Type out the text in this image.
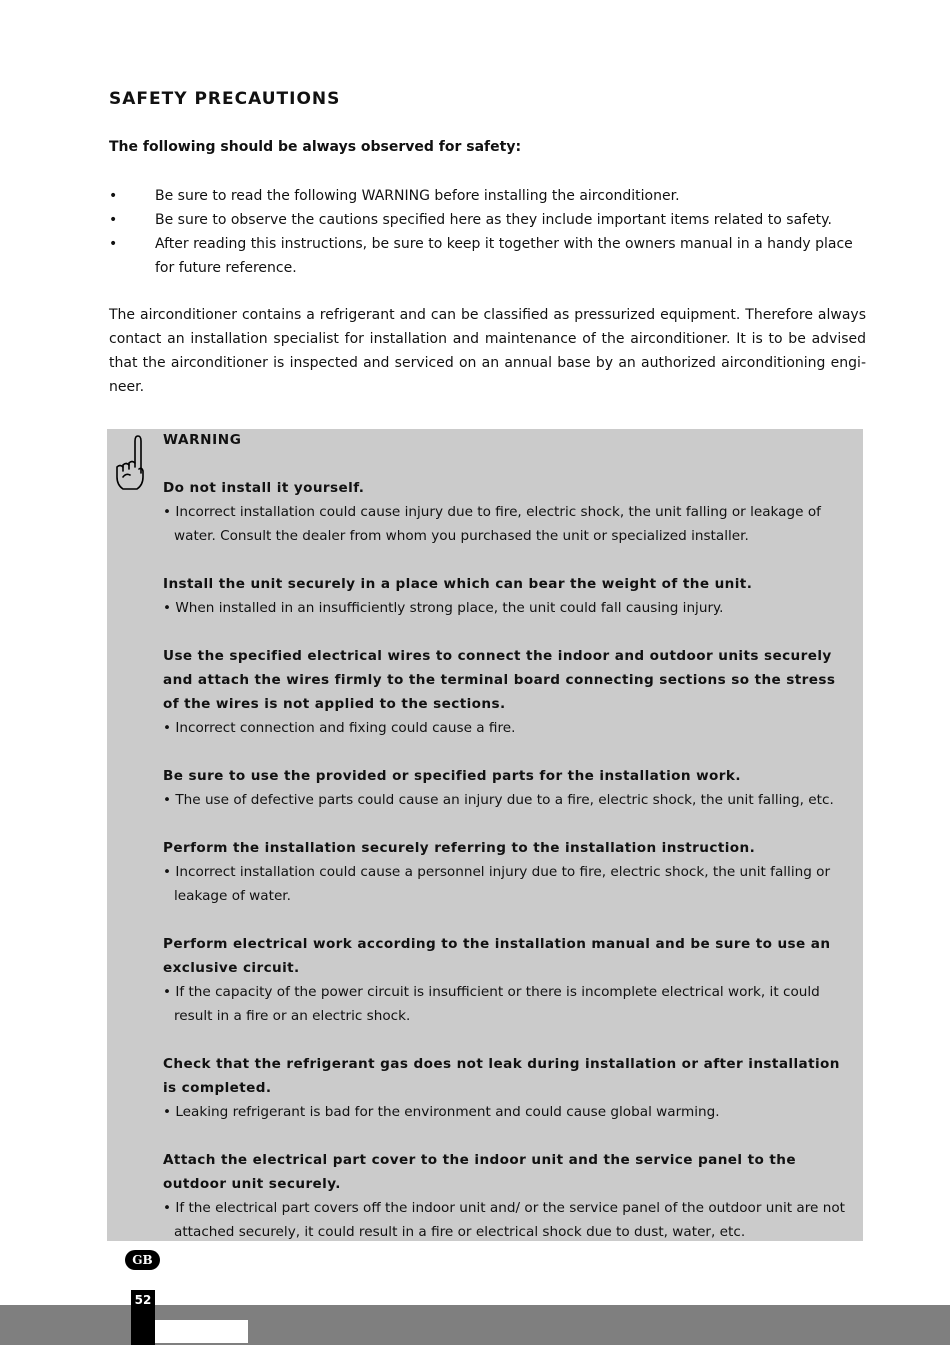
SAFETY PRECAUTIONS
The following should be always observed for safety:
•	Be sure to read the following WARNING before installing the airconditioner.
•	Be sure to observe the cautions specified here as they include important items related to safety.
•	After reading this instructions, be sure to keep it together with the owners manual in a handy place for future reference.
The airconditioner contains a refrigerant and can be classified as pressurized equipment. Therefore always contact an installation specialist for installation and maintenance of the airconditioner. It is to be advised that the airconditioner is inspected and serviced on an annual base by an authorized airconditioning engi-neer.
WARNING
Do not install it yourself.
• Incorrect installation could cause injury due to fire, electric shock, the unit falling or leakage of water. Consult the dealer from whom you purchased the unit or specialized installer.
Install the unit securely in a place which can bear the weight of the unit.
• When installed in an insufficiently strong place, the unit could fall causing injury.
Use the specified electrical wires to connect the indoor and outdoor units securely and attach the wires firmly to the terminal board connecting sections so the stress of the wires is not applied to the sections.
• Incorrect connection and fixing could cause a fire.
Be sure to use the provided or specified parts for the installation work.
• The use of defective parts could cause an injury due to a fire, electric shock, the unit falling, etc.
Perform the installation securely referring to the installation instruction.
• Incorrect installation could cause a personnel injury due to fire, electric shock, the unit falling or leakage of water.
Perform electrical work according to the installation manual and be sure to use an exclusive circuit.
• If the capacity of the power circuit is insufficient or there is incomplete electrical work, it could result in a fire or an electric shock.
Check that the refrigerant gas does not leak during installation or after installation is completed.
• Leaking refrigerant is bad for the environment and could cause global warming.
Attach the electrical part cover to the indoor unit and the service panel to the outdoor unit securely.
• If the electrical part covers off the indoor unit and/ or the service panel of the outdoor unit are not attached securely, it could result in a fire or electrical shock due to dust, water, etc.
GB
52
